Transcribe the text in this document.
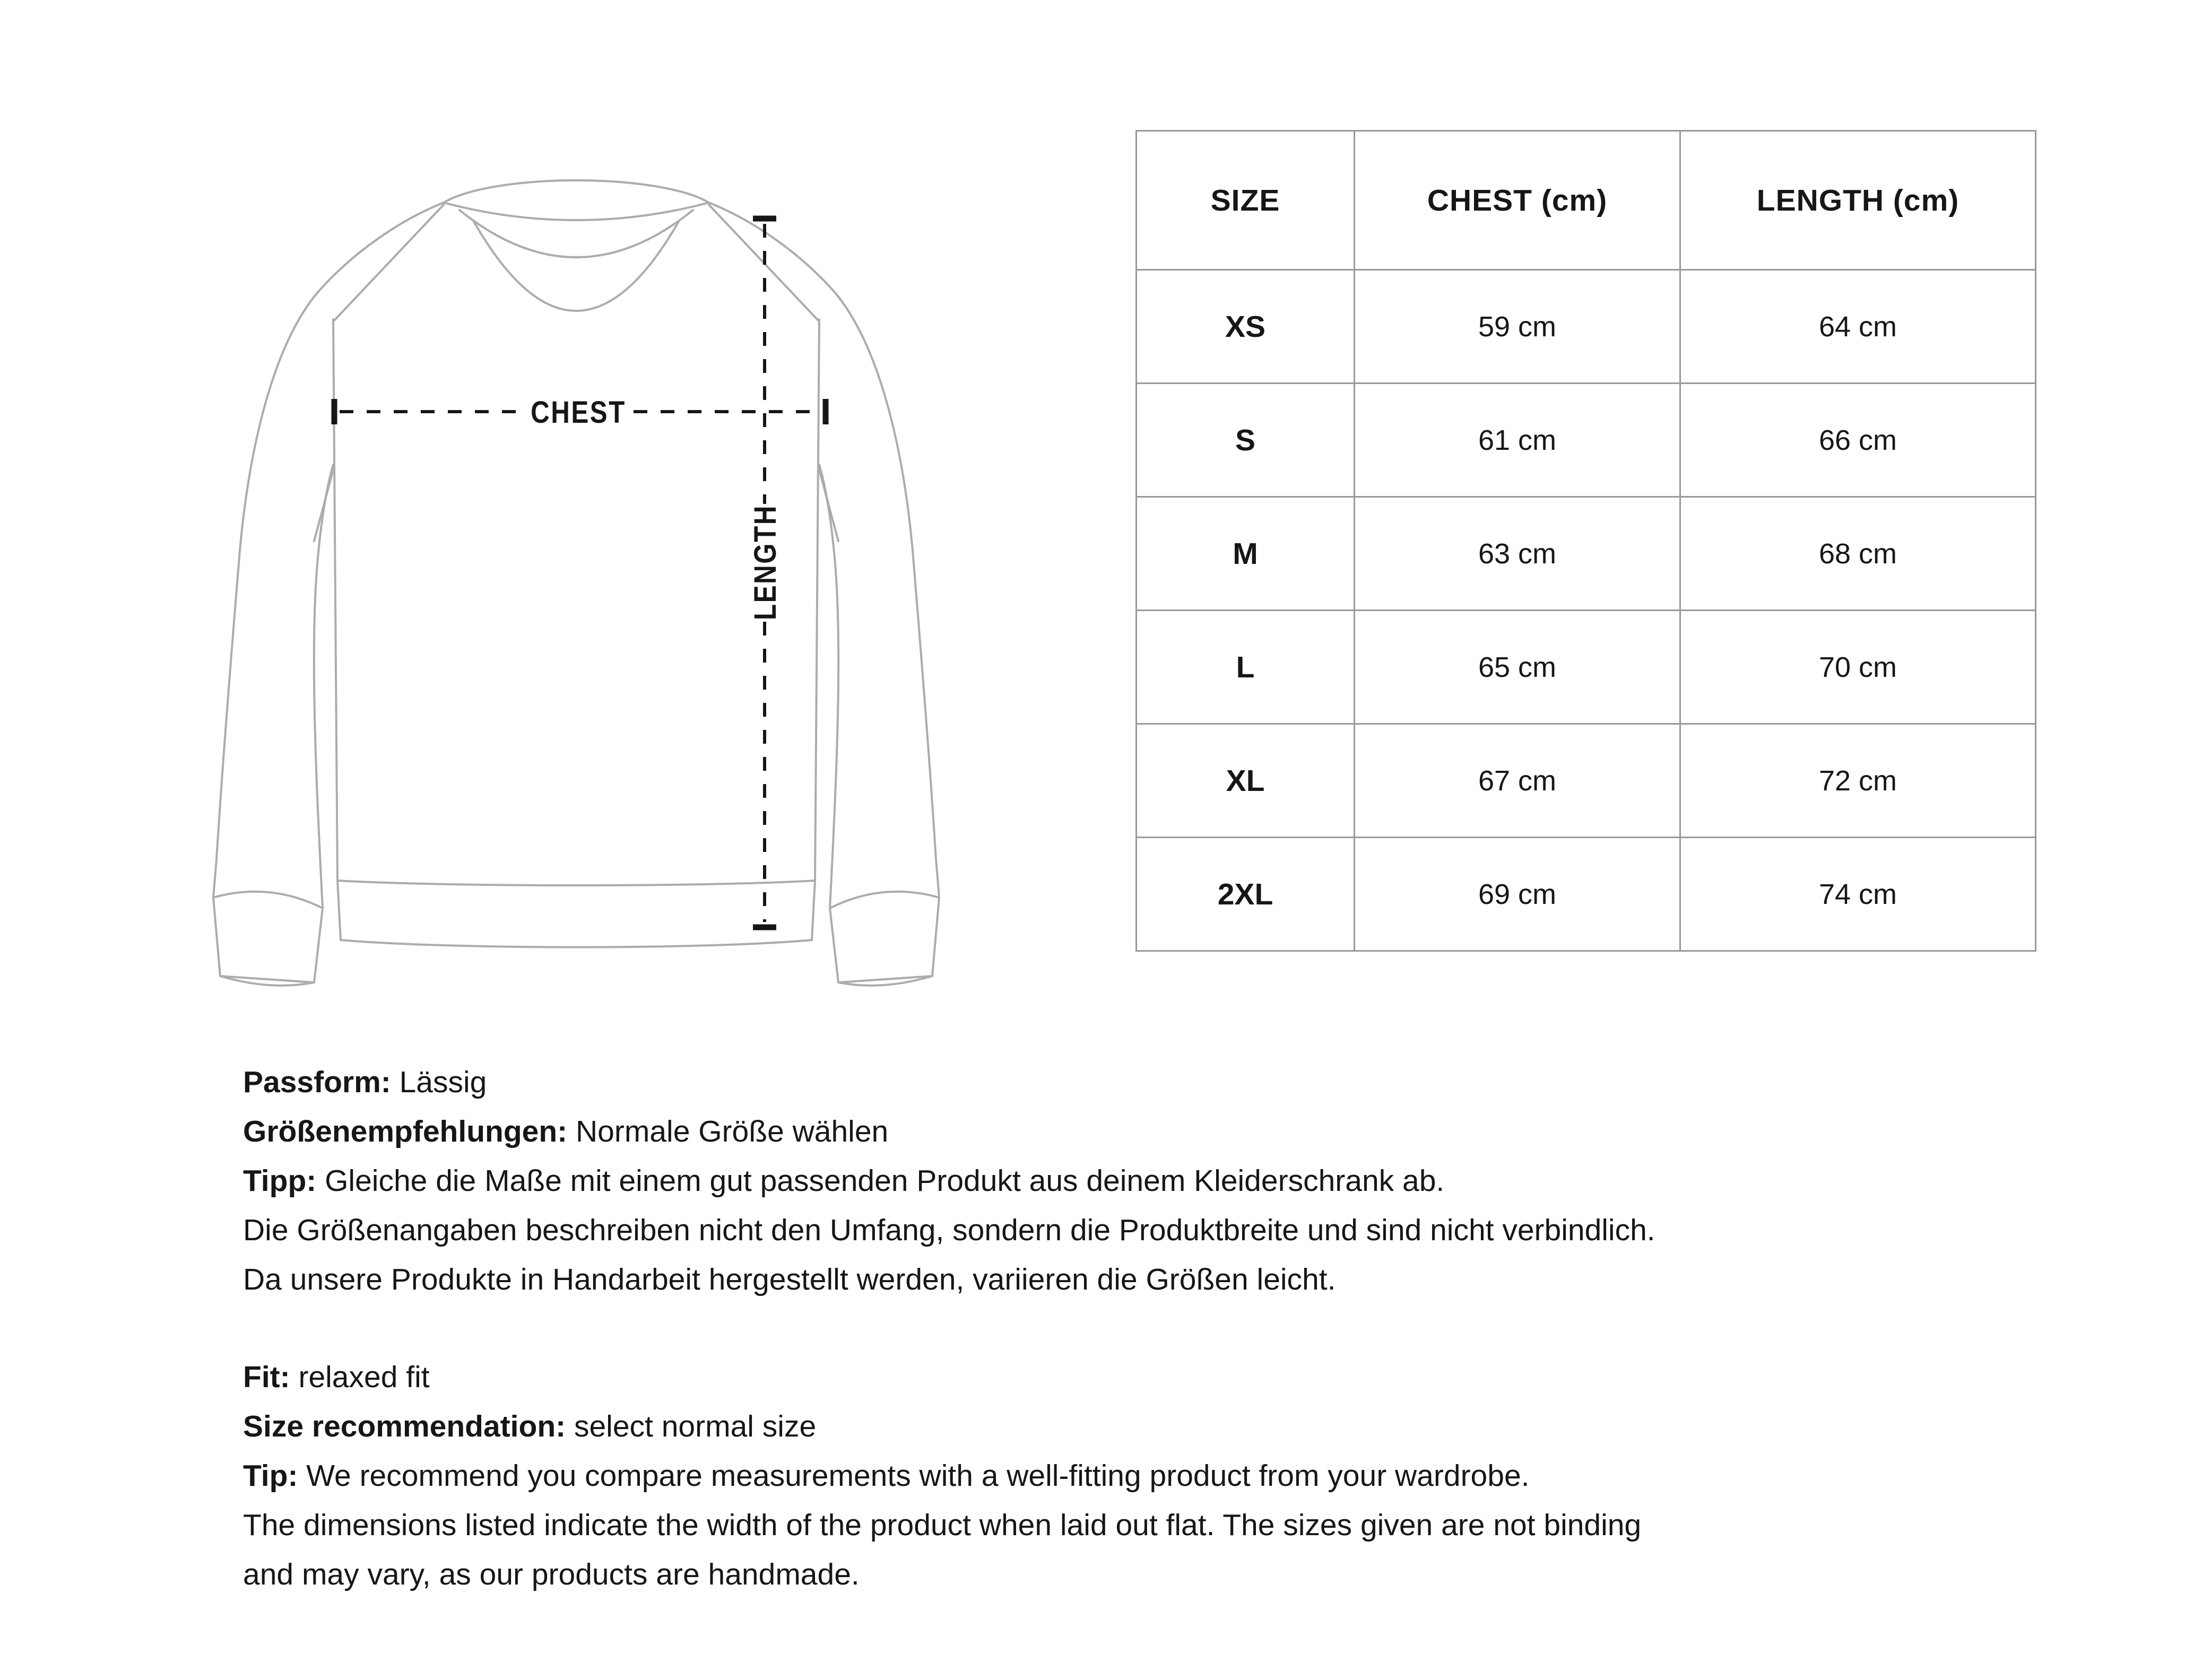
CHEST
LENGTH
SIZE	CHEST (cm)	LENGTH (cm)
XS	59 cm	64 cm
S	61 cm	66 cm
M	63 cm	68 cm
L	65 cm	70 cm
XL	67 cm	72 cm
2XL	69 cm	74 cm
Passform: Lässig
Größenempfehlungen: Normale Größe wählen
Tipp: Gleiche die Maße mit einem gut passenden Produkt aus deinem Kleiderschrank ab.
Die Größenangaben beschreiben nicht den Umfang, sondern die Produktbreite und sind nicht verbindlich.
Da unsere Produkte in Handarbeit hergestellt werden, variieren die Größen leicht.
Fit: relaxed fit
Size recommendation: select normal size
Tip: We recommend you compare measurements with a well-fitting product from your wardrobe.
The dimensions listed indicate the width of the product when laid out flat. The sizes given are not binding
and may vary, as our products are handmade.
